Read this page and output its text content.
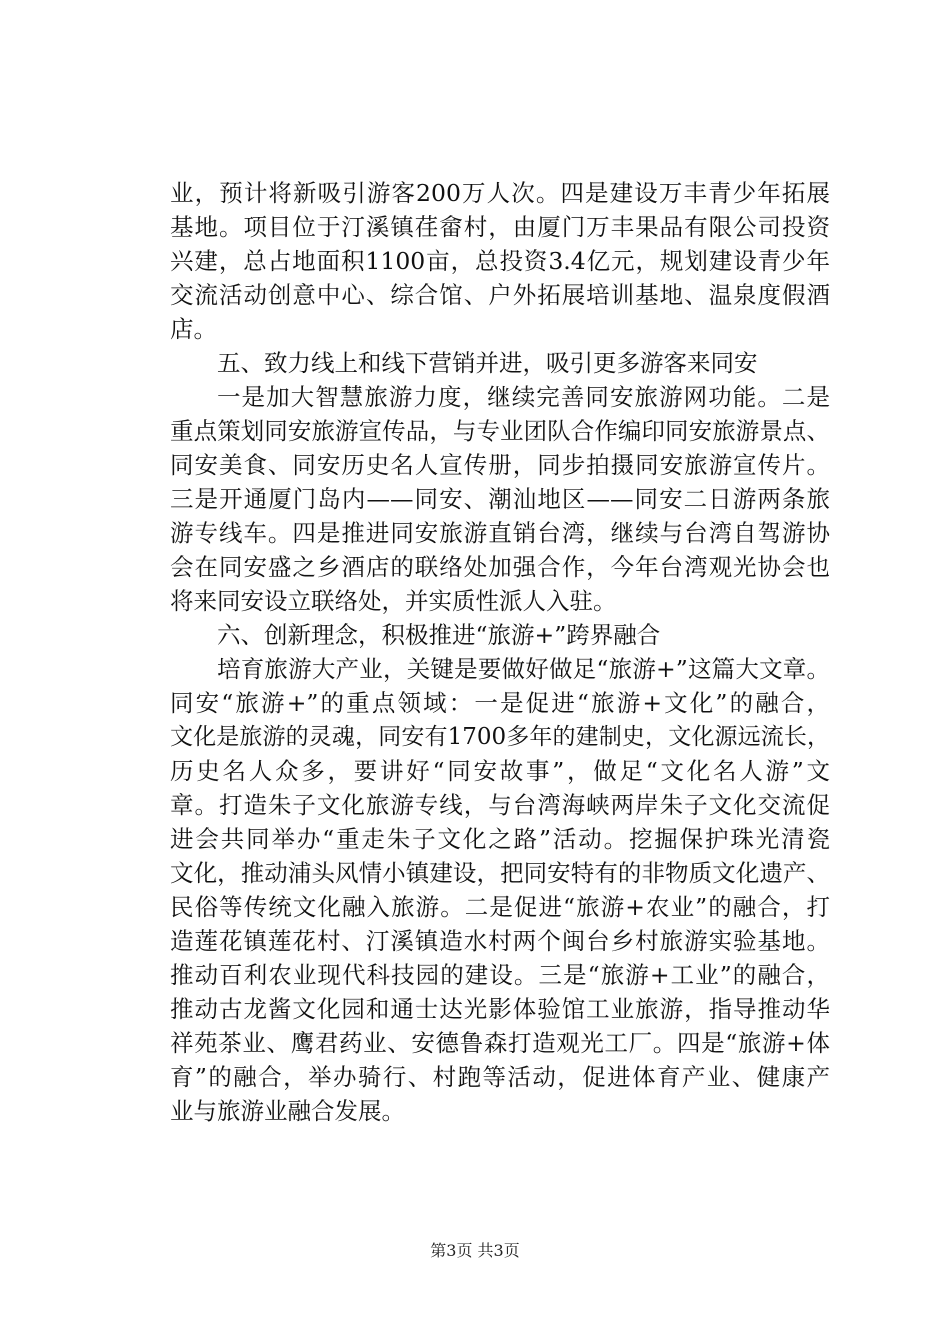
业，预计将新吸引游客200万人次。四是建设万丰青少年拓展
基地。项目位于汀溪镇荏畲村，由厦门万丰果品有限公司投资
兴建，总占地面积1100亩，总投资3.4亿元，规划建设青少年
交流活动创意中心、综合馆、户外拓展培训基地、温泉度假酒
店。
五、致力线上和线下营销并进，吸引更多游客来同安
一是加大智慧旅游力度，继续完善同安旅游网功能。二是
重点策划同安旅游宣传品，与专业团队合作编印同安旅游景点、
同安美食、同安历史名人宣传册，同步拍摄同安旅游宣传片。
三是开通厦门岛内——同安、潮汕地区——同安二日游两条旅
游专线车。四是推进同安旅游直销台湾，继续与台湾自驾游协
会在同安盛之乡酒店的联络处加强合作，今年台湾观光协会也
将来同安设立联络处，并实质性派人入驻。
六、创新理念，积极推进“旅游+”跨界融合
培育旅游大产业，关键是要做好做足“旅游+”这篇大文章。
同安“旅游+”的重点领域：一是促进“旅游+文化”的融合，
文化是旅游的灵魂，同安有1700多年的建制史，文化源远流长，
历史名人众多，要讲好“同安故事”，做足“文化名人游”文
章。打造朱子文化旅游专线，与台湾海峡两岸朱子文化交流促
进会共同举办“重走朱子文化之路”活动。挖掘保护珠光清瓷
文化，推动浦头风情小镇建设，把同安特有的非物质文化遗产、
民俗等传统文化融入旅游。二是促进“旅游+农业”的融合，打
造莲花镇莲花村、汀溪镇造水村两个闽台乡村旅游实验基地。
推动百利农业现代科技园的建设。三是“旅游+工业”的融合，
推动古龙酱文化园和通士达光影体验馆工业旅游，指导推动华
祥苑茶业、鹰君药业、安德鲁森打造观光工厂。四是“旅游+体
育”的融合，举办骑行、村跑等活动，促进体育产业、健康产
业与旅游业融合发展。
第3页 共3页
